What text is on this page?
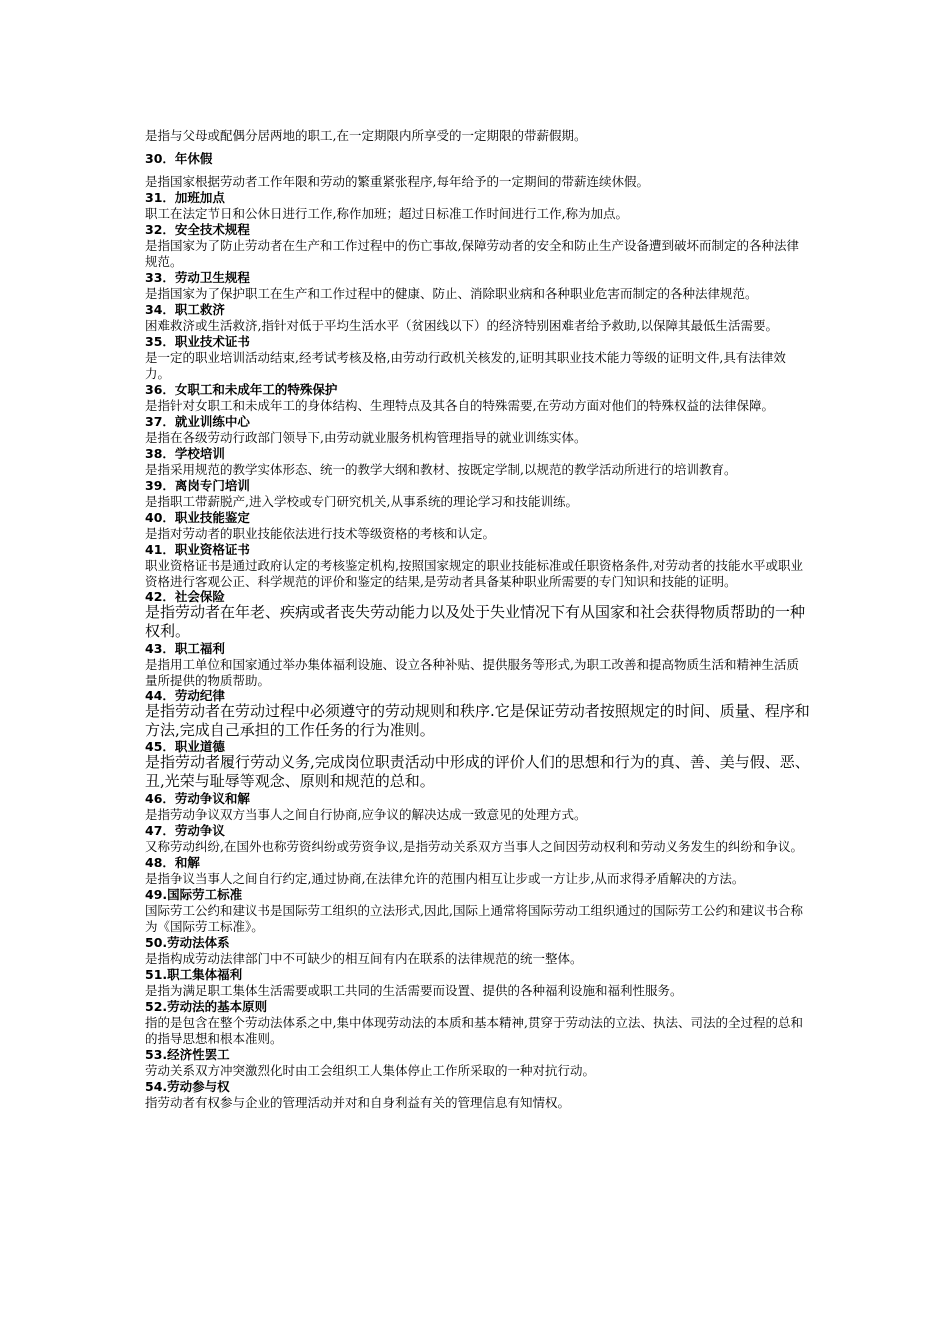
是指与父母或配偶分居两地的职工,在一定期限内所享受的一定期限的带薪假期。

30．年休假

是指国家根据劳动者工作年限和劳动的繁重紧张程序,每年给予的一定期间的带薪连续休假。

31．加班加点

职工在法定节日和公休日进行工作,称作加班；超过日标准工作时间进行工作,称为加点。

32．安全技术规程

是指国家为了防止劳动者在生产和工作过程中的伤亡事故,保障劳动者的安全和防止生产设备遭到破坏而制定的各种法律规范。

33．劳动卫生规程

是指国家为了保护职工在生产和工作过程中的健康、防止、消除职业病和各种职业危害而制定的各种法律规范。

34．职工救济

困难救济或生活救济,指针对低于平均生活水平（贫困线以下）的经济特别困难者给予救助,以保障其最低生活需要。

35．职业技术证书

是一定的职业培训活动结束,经考试考核及格,由劳动行政机关核发的,证明其职业技术能力等级的证明文件,具有法律效力。

36．女职工和未成年工的特殊保护

是指针对女职工和未成年工的身体结构、生理特点及其各自的特殊需要,在劳动方面对他们的特殊权益的法律保障。

37．就业训练中心

是指在各级劳动行政部门领导下,由劳动就业服务机构管理指导的就业训练实体。

38．学校培训

是指采用规范的教学实体形态、统一的教学大纲和教材、按既定学制,以规范的教学活动所进行的培训教育。

39．离岗专门培训

是指职工带薪脱产,进入学校或专门研究机关,从事系统的理论学习和技能训练。

40．职业技能鉴定

是指对劳动者的职业技能依法进行技术等级资格的考核和认定。

41．职业资格证书

职业资格证书是通过政府认定的考核鉴定机构,按照国家规定的职业技能标准或任职资格条件,对劳动者的技能水平或职业资格进行客观公正、科学规范的评价和鉴定的结果,是劳动者具备某种职业所需要的专门知识和技能的证明。

42．社会保险

是指劳动者在年老、疾病或者丧失劳动能力以及处于失业情况下有从国家和社会获得物质帮助的一种权利。

43．职工福利

是指用工单位和国家通过举办集体福利设施、设立各种补贴、提供服务等形式,为职工改善和提高物质生活和精神生活质量所提供的物质帮助。

44．劳动纪律

是指劳动者在劳动过程中必须遵守的劳动规则和秩序.它是保证劳动者按照规定的时间、质量、程序和方法,完成自己承担的工作任务的行为准则。

45．职业道德

是指劳动者履行劳动义务,完成岗位职责活动中形成的评价人们的思想和行为的真、善、美与假、恶、丑,光荣与耻辱等观念、原则和规范的总和。

46．劳动争议和解

是指劳动争议双方当事人之间自行协商,应争议的解决达成一致意见的处理方式。

47．劳动争议

又称劳动纠纷,在国外也称劳资纠纷或劳资争议,是指劳动关系双方当事人之间因劳动权利和劳动义务发生的纠纷和争议。

48．和解

是指争议当事人之间自行约定,通过协商,在法律允许的范围内相互让步或一方让步,从而求得矛盾解决的方法。

49.国际劳工标准

国际劳工公约和建议书是国际劳工组织的立法形式,因此,国际上通常将国际劳动工组织通过的国际劳工公约和建议书合称为《国际劳工标准》。

50.劳动法体系

是指构成劳动法律部门中不可缺少的相互间有内在联系的法律规范的统一整体。

51.职工集体福利

是指为满足职工集体生活需要或职工共同的生活需要而设置、提供的各种福利设施和福利性服务。

52.劳动法的基本原则

指的是包含在整个劳动法体系之中,集中体现劳动法的本质和基本精神,贯穿于劳动法的立法、执法、司法的全过程的总和的指导思想和根本准则。

53.经济性罢工

劳动关系双方冲突激烈化时由工会组织工人集体停止工作所采取的一种对抗行动。

54.劳动参与权

指劳动者有权参与企业的管理活动并对和自身利益有关的管理信息有知情权。
